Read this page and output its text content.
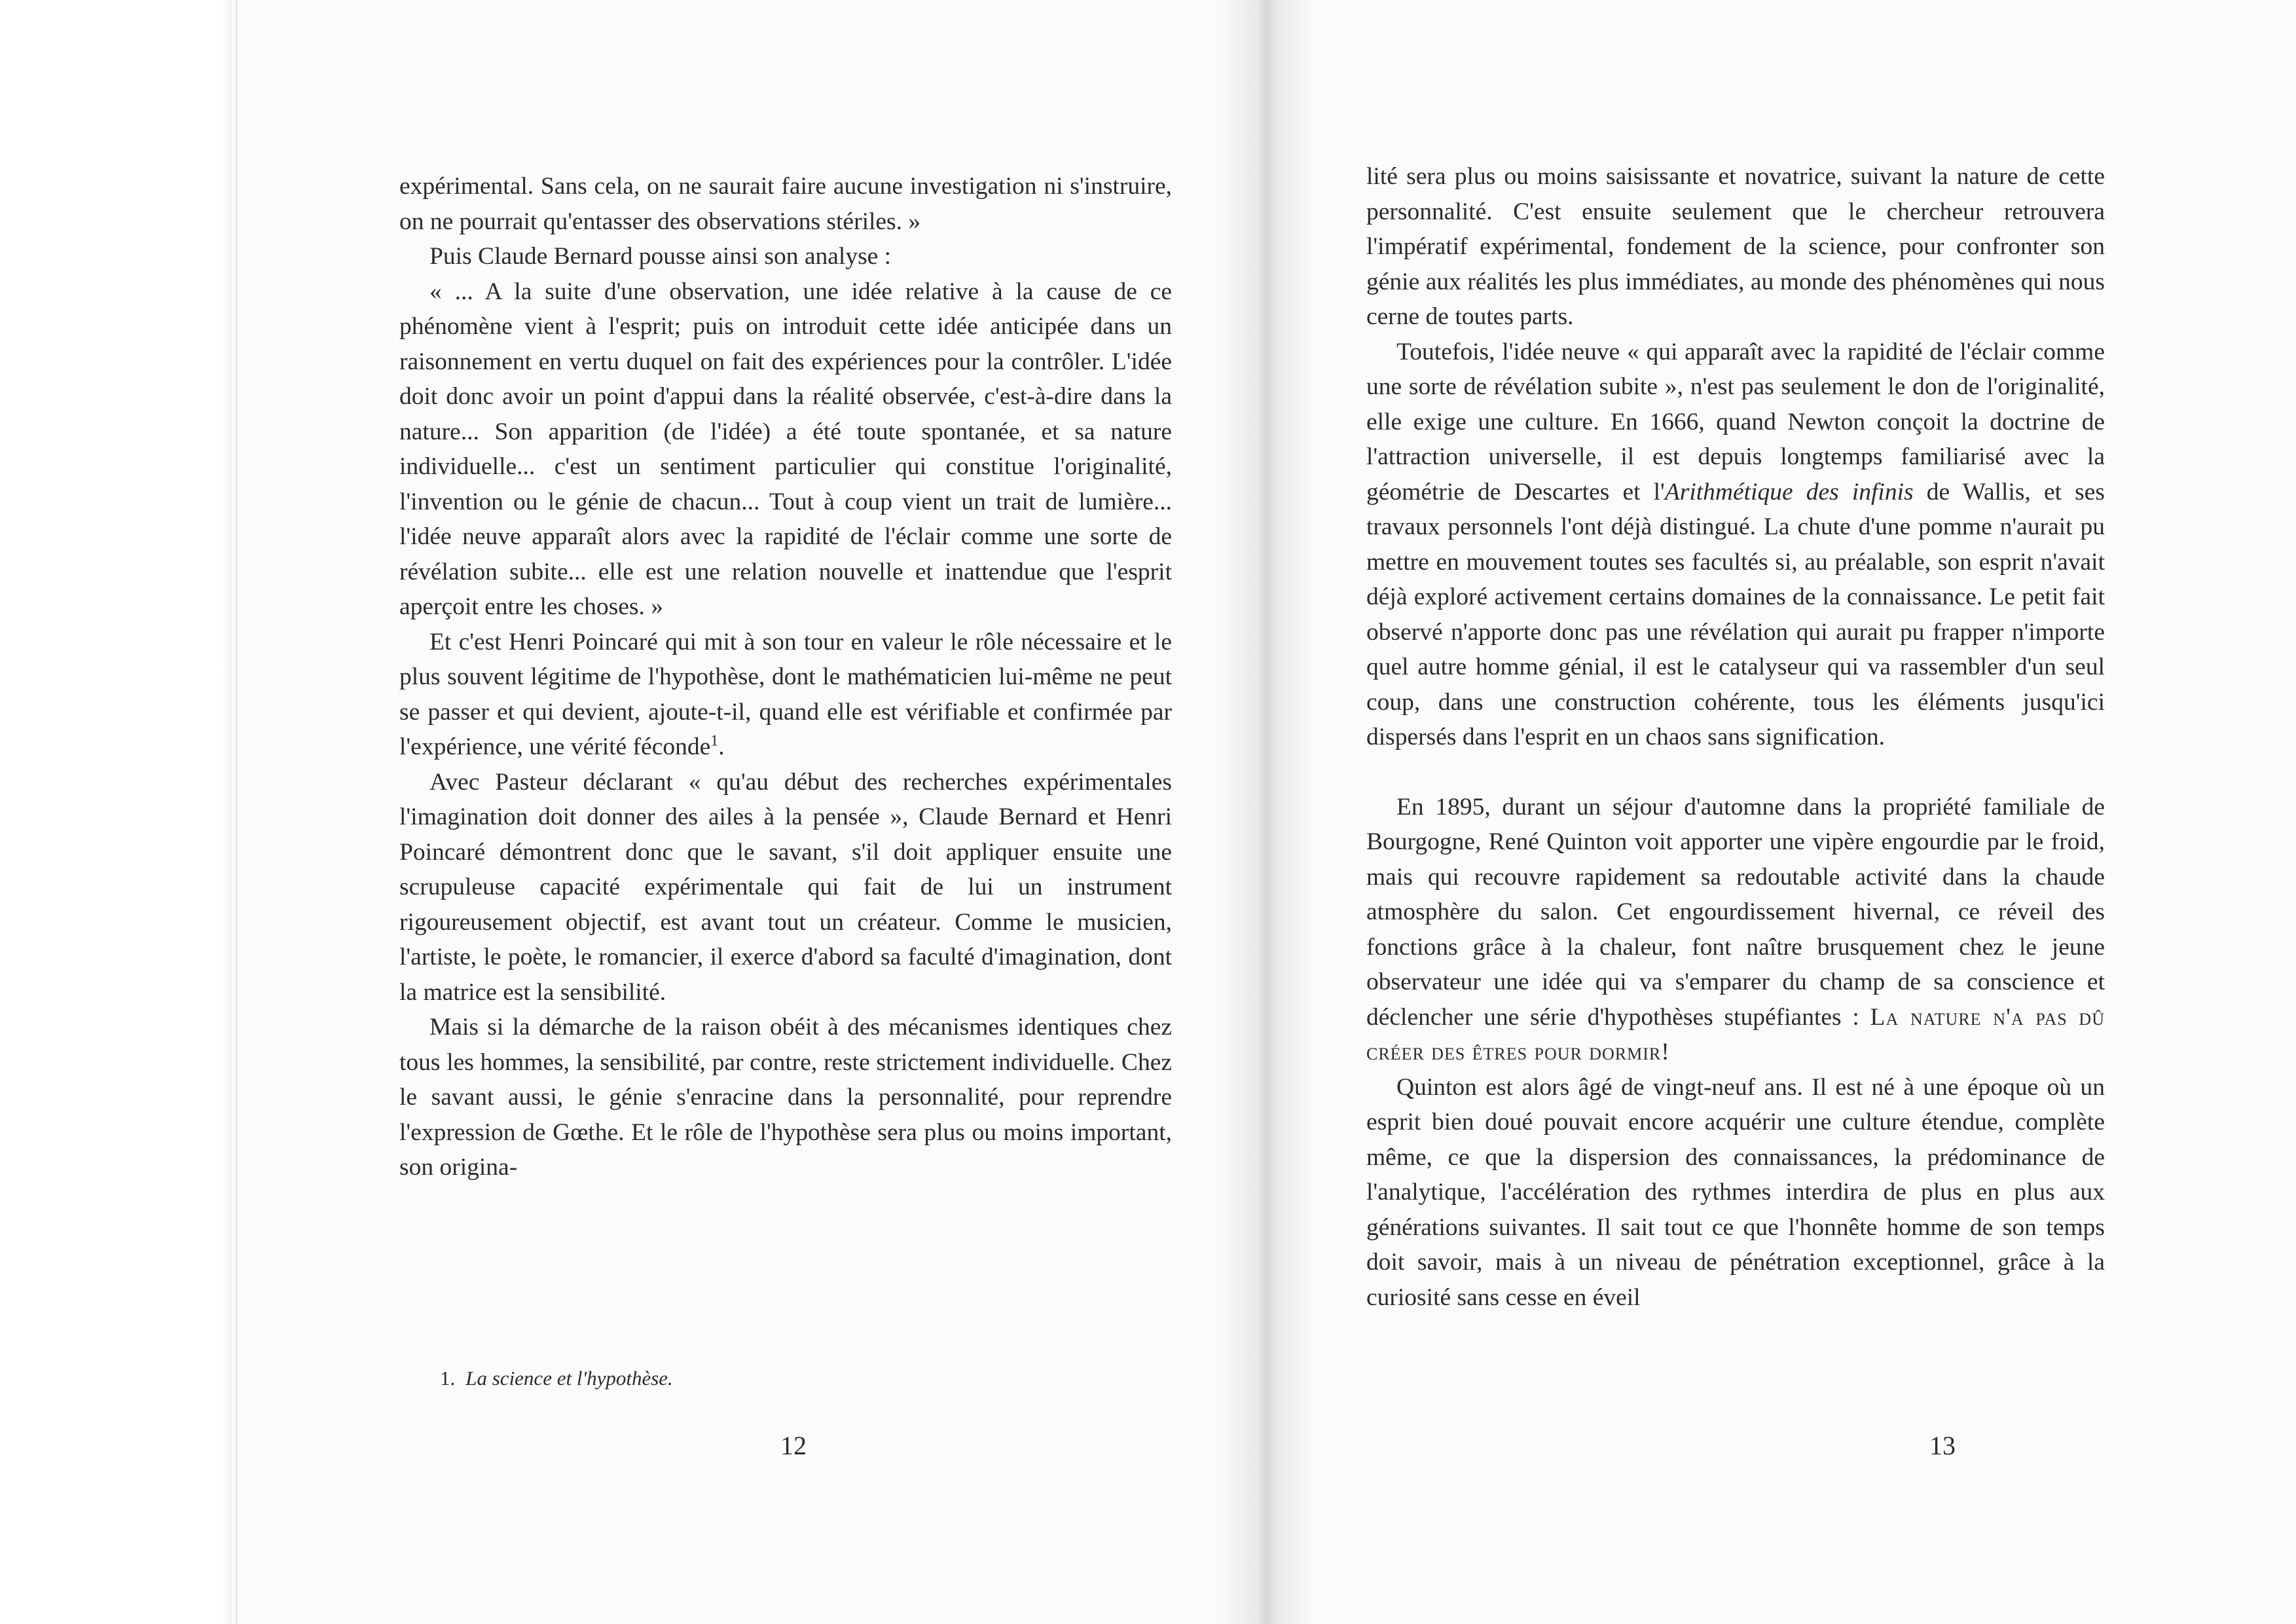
expérimental. Sans cela, on ne saurait faire aucune investigation ni s'instruire, on ne pourrait qu'entasser des observations stériles. »

Puis Claude Bernard pousse ainsi son analyse :

« ... A la suite d'une observation, une idée relative à la cause de ce phénomène vient à l'esprit; puis on introduit cette idée anticipée dans un raisonnement en vertu duquel on fait des expériences pour la contrôler. L'idée doit donc avoir un point d'appui dans la réalité observée, c'est-à-dire dans la nature... Son apparition (de l'idée) a été toute spontanée, et sa nature individuelle... c'est un sentiment particulier qui constitue l'originalité, l'invention ou le génie de chacun... Tout à coup vient un trait de lumière... l'idée neuve apparaît alors avec la rapidité de l'éclair comme une sorte de révélation subite... elle est une relation nouvelle et inattendue que l'esprit aperçoit entre les choses. »

Et c'est Henri Poincaré qui mit à son tour en valeur le rôle nécessaire et le plus souvent légitime de l'hypothèse, dont le mathématicien lui-même ne peut se passer et qui devient, ajoute-t-il, quand elle est vérifiable et confirmée par l'expérience, une vérité féconde$^1$.

Avec Pasteur déclarant « qu'au début des recherches expérimentales l'imagination doit donner des ailes à la pensée », Claude Bernard et Henri Poincaré démontrent donc que le savant, s'il doit appliquer ensuite une scrupuleuse capacité expérimentale qui fait de lui un instrument rigoureusement objectif, est avant tout un créateur. Comme le musicien, l'artiste, le poète, le romancier, il exerce d'abord sa faculté d'imagination, dont la matrice est la sensibilité.

Mais si la démarche de la raison obéit à des mécanismes identiques chez tous les hommes, la sensibilité, par contre, reste strictement individuelle. Chez le savant aussi, le génie s'enracine dans la personnalité, pour reprendre l'expression de Gœthe. Et le rôle de l'hypothèse sera plus ou moins important, son origina-

1. La science et l'hypothèse.
12

lité sera plus ou moins saisissante et novatrice, suivant la nature de cette personnalité. C'est ensuite seulement que le chercheur retrouvera l'impératif expérimental, fondement de la science, pour confronter son génie aux réalités les plus immédiates, au monde des phénomènes qui nous cerne de toutes parts.

Toutefois, l'idée neuve « qui apparaît avec la rapidité de l'éclair comme une sorte de révélation subite », n'est pas seulement le don de l'originalité, elle exige une culture. En 1666, quand Newton conçoit la doctrine de l'attraction universelle, il est depuis longtemps familiarisé avec la géométrie de Descartes et l'Arithmétique des infinis de Wallis, et ses travaux personnels l'ont déjà distingué. La chute d'une pomme n'aurait pu mettre en mouvement toutes ses facultés si, au préalable, son esprit n'avait déjà exploré activement certains domaines de la connaissance. Le petit fait observé n'apporte donc pas une révélation qui aurait pu frapper n'importe quel autre homme génial, il est le catalyseur qui va rassembler d'un seul coup, dans une construction cohérente, tous les éléments jusqu'ici dispersés dans l'esprit en un chaos sans signification.

En 1895, durant un séjour d'automne dans la propriété familiale de Bourgogne, René Quinton voit apporter une vipère engourdie par le froid, mais qui recouvre rapidement sa redoutable activité dans la chaude atmosphère du salon. Cet engourdissement hivernal, ce réveil des fonctions grâce à la chaleur, font naître brusquement chez le jeune observateur une idée qui va s'emparer du champ de sa conscience et déclencher une série d'hypothèses stupéfiantes : La nature n'a pas dû créer des êtres pour dormir!

Quinton est alors âgé de vingt-neuf ans. Il est né à une époque où un esprit bien doué pouvait encore acquérir une culture étendue, complète même, ce que la dispersion des connaissances, la prédominance de l'analytique, l'accélération des rythmes interdira de plus en plus aux générations suivantes. Il sait tout ce que l'honnête homme de son temps doit savoir, mais à un niveau de pénétration exceptionnel, grâce à la curiosité sans cesse en éveil

13
